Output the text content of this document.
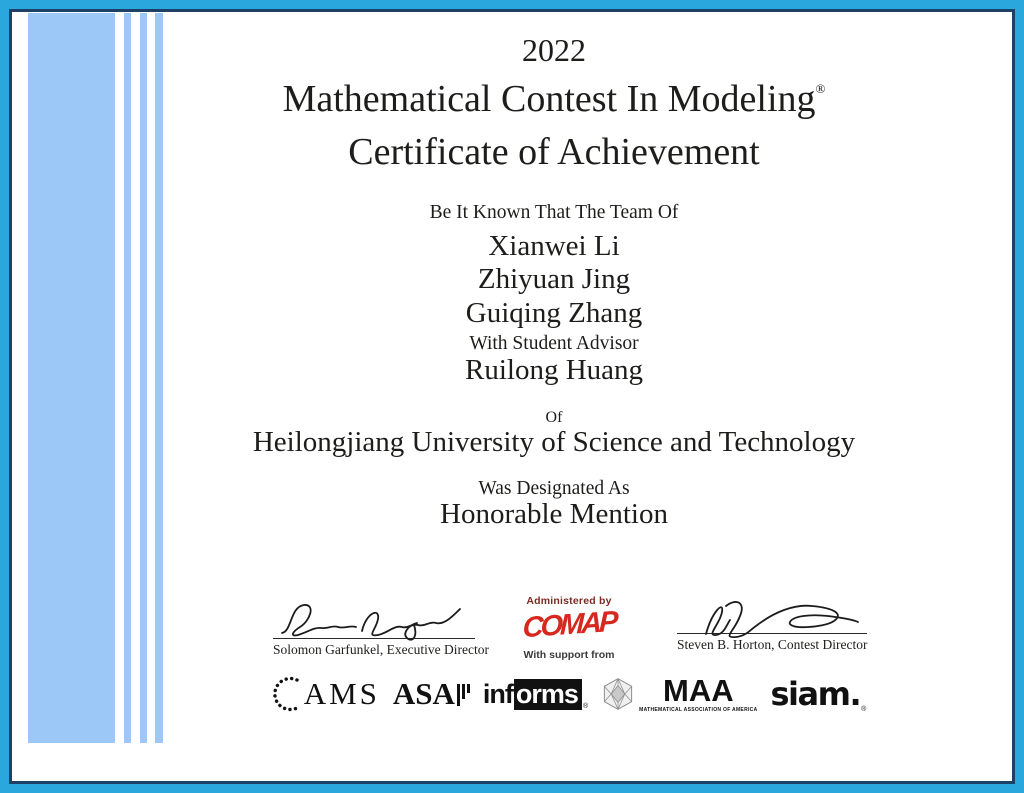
2022
Mathematical Contest In Modeling®
Certificate of Achievement
Be It Known That The Team Of
Xianwei Li
Zhiyuan Jing
Guiqing Zhang
With Student Advisor
Ruilong Huang
Of
Heilongjiang University of Science and Technology
Was Designated As
Honorable Mention
Solomon Garfunkel, Executive Director
Administered by
COMAP
With support from
Steven B. Horton, Contest Director
AMS ASA inf orms ® MAA
MATHEMATICAL ASSOCIATION OF AMERICA siam. ®
